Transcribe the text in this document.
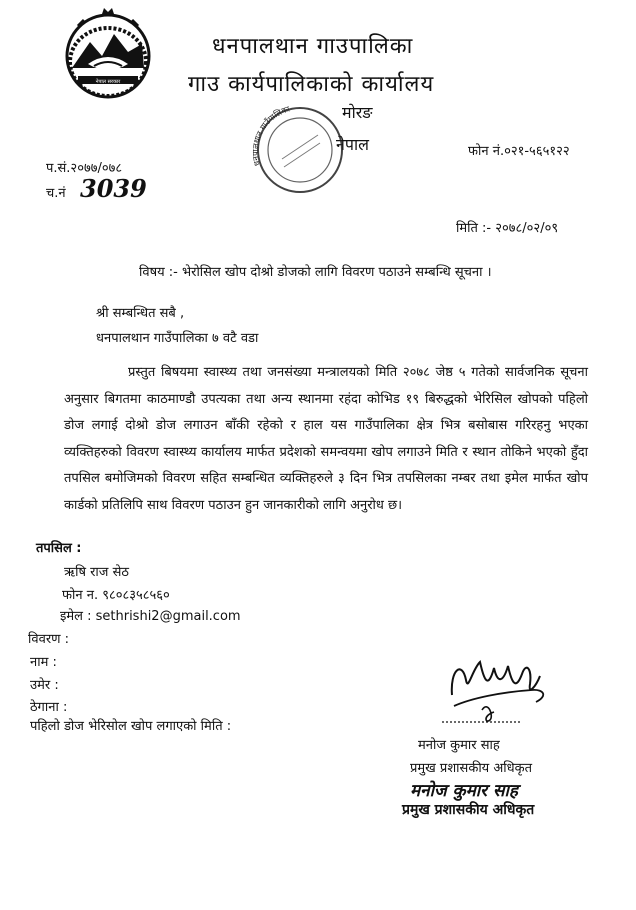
नेपाल सरकार
धनपालथान गाउपालिका
गाउ कार्यपालिकाको कार्यालय
मोरङ
नेपाल	फोन नं.०२१-५६५१२२
धनपालथान गाउँपालिका
प.सं.२०७७/०७८
च.नं 3039
मिति :- २०७८/०२/०९
विषय :- भेरोसिल खोप दोश्रो डोजको लागि विवरण पठाउने सम्बन्धि सूचना ।
श्री सम्बन्धित सबै ,
धनपालथान गाउँपालिका ७ वटै वडा

प्रस्तुत बिषयमा स्वास्थ्य तथा जनसंख्या मन्त्रालयको मिति २०७८ जेष्ठ ५ गतेको सार्वजनिक सूचना अनुसार बिगतमा काठमाण्डौ उपत्यका तथा अन्य स्थानमा रहंदा कोभिड १९ बिरुद्धको भेरिसिल खोपको पहिलो डोज लगाई दोश्रो डोज लगाउन बाँकी रहेको र हाल यस गाउँपालिका क्षेत्र भित्र बसोबास गरिरहनु भएका व्यक्तिहरुको विवरण स्वास्थ्य कार्यालय मार्फत प्रदेशको समन्वयमा खोप लगाउने मिति र स्थान तोकिने भएको हुँदा तपसिल बमोजिमको विवरण सहित सम्बन्धित व्यक्तिहरुले ३ दिन भित्र तपसिलका नम्बर तथा इमेल मार्फत खोप कार्डको प्रतिलिपि साथ विवरण पठाउन हुन जानकारीको लागि अनुरोध छ।

तपसिल :
ऋषि राज सेठ
फोन न. ९८०८३५८५६०
इमेल : sethrishi2@gmail.com
विवरण :
नाम :
उमेर :
ठेगाना :
पहिलो डोज भेरिसोल खोप लगाएको मिति :
मनोज कुमार साह
प्रमुख प्रशासकीय अधिकृत
मनोज कुमार साह
प्रमुख प्रशासकीय अधिकृत
